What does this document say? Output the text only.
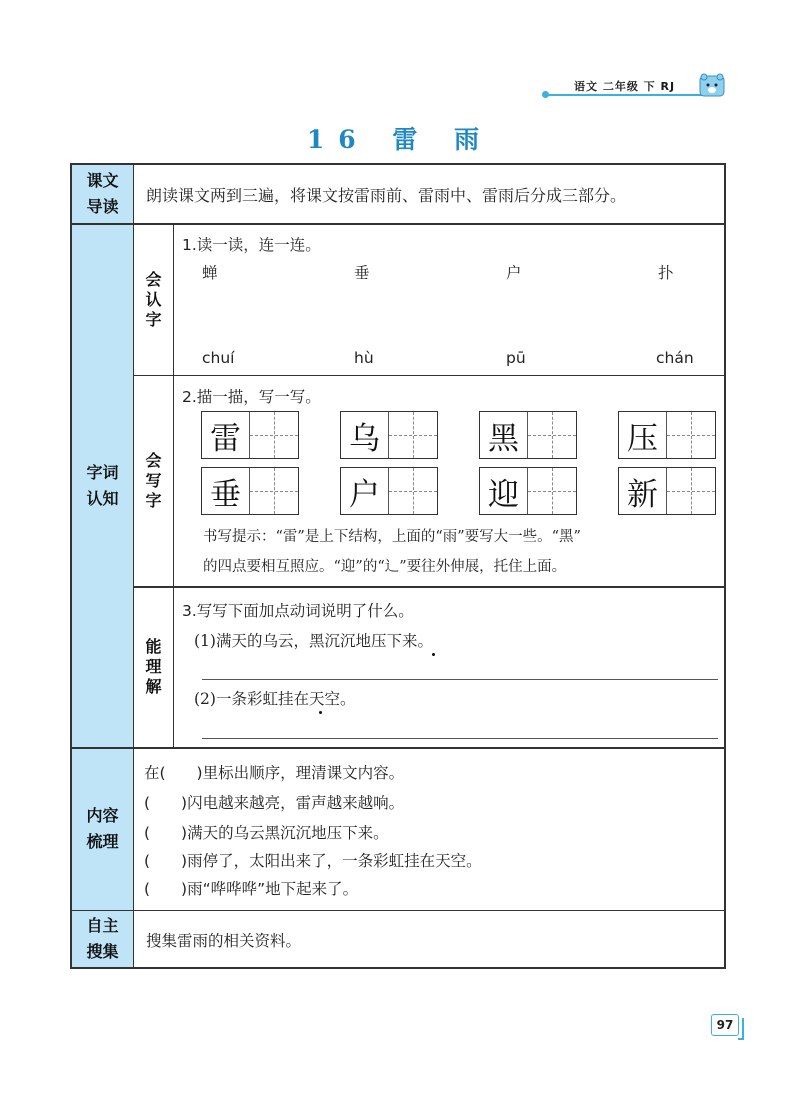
语文 二年级 下 RJ
16 雷 雨
课文
导读
朗读课文两到三遍，将课文按雷雨前、雷雨中、雷雨后分成三部分。
字词
认知
会
认
字
1.读一读，连一连。
蝉	垂	户	扑
chuí	hù	pū	chán
会
写
字
2.描一描，写一写。
雷	乌	黑	压
垂	户	迎	新
书写提示：“雷”是上下结构，上面的“雨”要写大一些。“黑”
的四点要相互照应。“迎”的“辶”要往外伸展，托住上面。
能
理
解
3.写写下面加点动词说明了什么。
(1)满天的乌云，黑沉沉地压下来。
(2)一条彩虹挂在天空。
内容
梳理
在(　　)里标出顺序，理清课文内容。
(　　)闪电越来越亮，雷声越来越响。
(　　)满天的乌云黑沉沉地压下来。
(　　)雨停了，太阳出来了，一条彩虹挂在天空。
(　　)雨“哗哗哗”地下起来了。
自主
搜集
搜集雷雨的相关资料。
97
